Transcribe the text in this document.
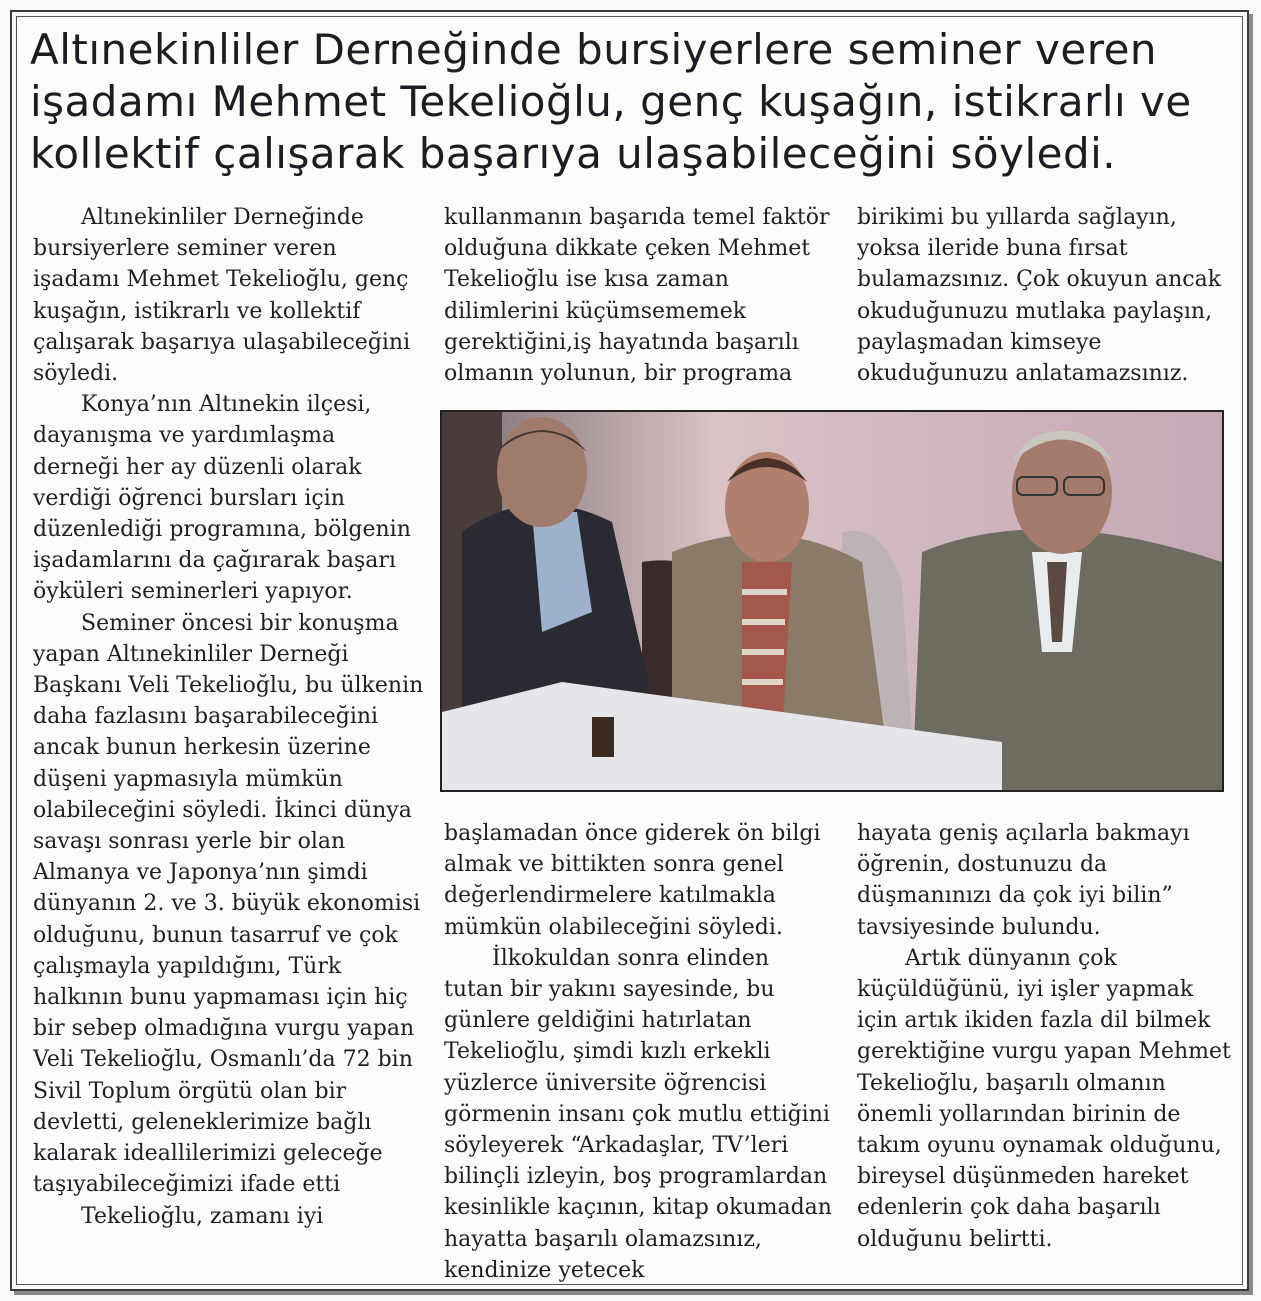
Altınekinliler Derneğinde bursiyerlere seminer veren işadamı Mehmet Tekelioğlu, genç kuşağın, istikrarlı ve kollektif çalışarak başarıya ulaşabileceğini söyledi.

Altınekinliler Derneğinde bursiyerlere seminer veren işadamı Mehmet Tekelioğlu, genç kuşağın, istikrarlı ve kollektif çalışarak başarıya ulaşabileceğini söyledi.

Konya’nın Altınekin ilçesi, dayanışma ve yardımlaşma derneği her ay düzenli olarak verdiği öğrenci bursları için düzenlediği programına, bölgenin işadamlarını da çağırarak başarı öyküleri seminerleri yapıyor.

Seminer öncesi bir konuşma yapan Altınekinliler Derneği Başkanı Veli Tekelioğlu, bu ülkenin daha fazlasını başarabileceğini ancak bunun herkesin üzerine düşeni yapmasıyla mümkün olabileceğini söyledi. İkinci dünya savaşı sonrası yerle bir olan Almanya ve Japonya’nın şimdi dünyanın 2. ve 3. büyük ekonomisi olduğunu, bunun tasarruf ve çok çalışmayla yapıldığını, Türk halkının bunu yapmaması için hiç bir sebep olmadığına vurgu yapan Veli Tekelioğlu, Osmanlı’da 72 bin Sivil Toplum örgütü olan bir devletti, geleneklerimize bağlı kalarak ideallilerimizi geleceğe taşıyabileceğimizi ifade etti

Tekelioğlu, zamanı iyi

kullanmanın başarıda temel faktör olduğuna dikkate çeken Mehmet Tekelioğlu ise kısa zaman dilimlerini küçümsememek gerektiğini,iş hayatında başarılı olmanın yolunun, bir programa

birikimi bu yıllarda sağlayın, yoksa ileride buna fırsat bulamazsınız. Çok okuyun ancak okuduğunuzu mutlaka paylaşın, paylaşmadan kimseye okuduğunuzu anlatamazsınız.

başlamadan önce giderek ön bilgi almak ve bittikten sonra genel değerlendirmelere katılmakla mümkün olabileceğini söyledi.

İlkokuldan sonra elinden tutan bir yakını sayesinde, bu günlere geldiğini hatırlatan Tekelioğlu, şimdi kızlı erkekli yüzlerce üniversite öğrencisi görmenin insanı çok mutlu ettiğini söyleyerek “Arkadaşlar, TV’leri bilinçli izleyin, boş programlardan kesinlikle kaçının, kitap okumadan hayatta başarılı olamazsınız, kendinize yetecek

hayata geniş açılarla bakmayı öğrenin, dostunuzu da düşmanınızı da çok iyi bilin” tavsiyesinde bulundu.

Artık dünyanın çok küçüldüğünü, iyi işler yapmak için artık ikiden fazla dil bilmek gerektiğine vurgu yapan Mehmet Tekelioğlu, başarılı olmanın önemli yollarından birinin de takım oyunu oynamak olduğunu, bireysel düşünmeden hareket edenlerin çok daha başarılı olduğunu belirtti.
